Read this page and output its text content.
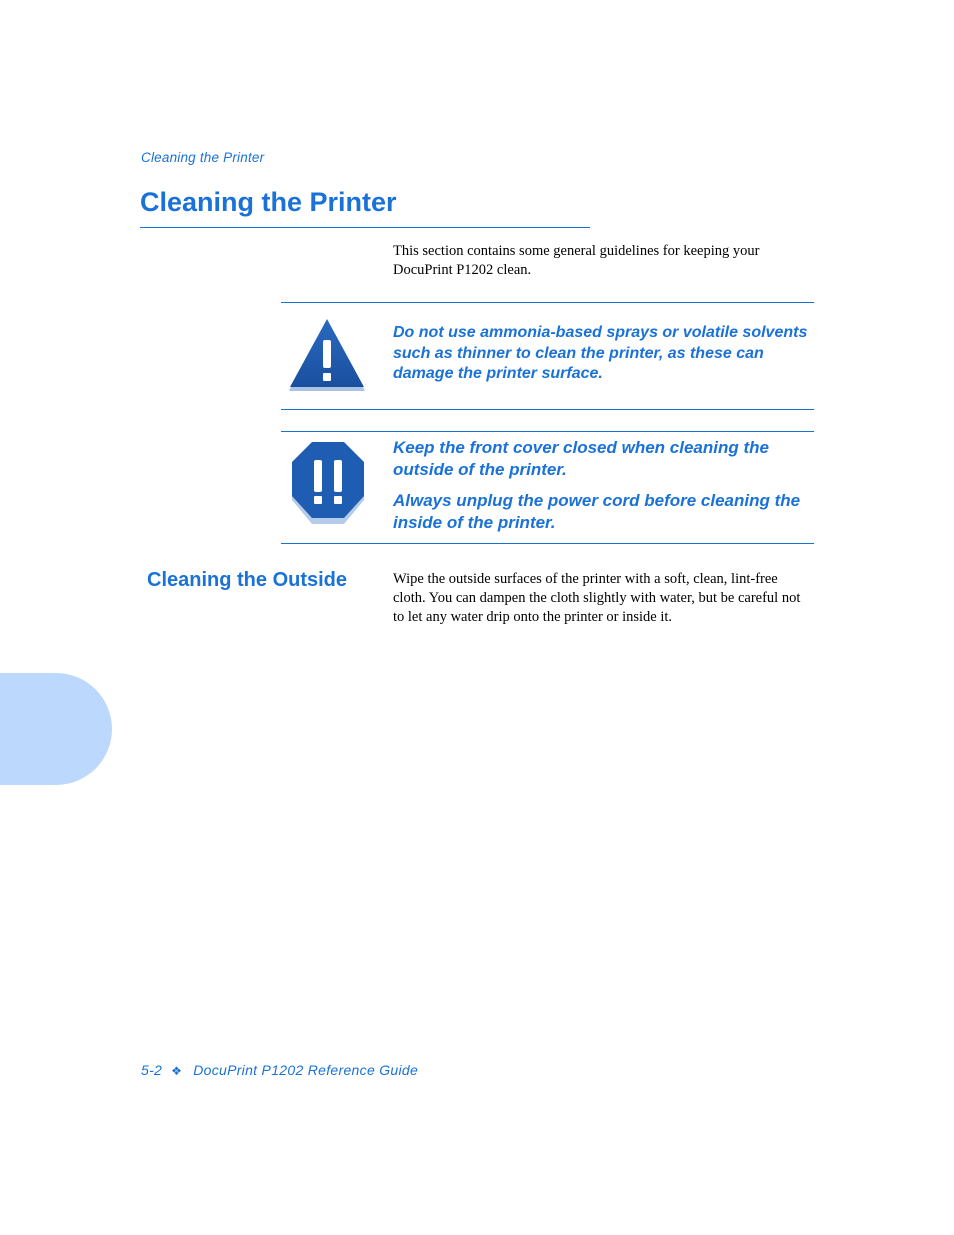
Cleaning the Printer
Cleaning the Printer

This section contains some general guidelines for keeping your DocuPrint P1202 clean.

Do not use ammonia-based sprays or volatile solvents such as thinner to clean the printer, as these can damage the printer surface.

Keep the front cover closed when cleaning the outside of the printer.

Always unplug the power cord before cleaning the inside of the printer.

Cleaning the Outside	Wipe the outside surfaces of the printer with a soft, clean, lint-free cloth. You can dampen the cloth slightly with water, but be careful not to let any water drip onto the printer or inside it.

5-2 ❖ DocuPrint P1202 Reference Guide
